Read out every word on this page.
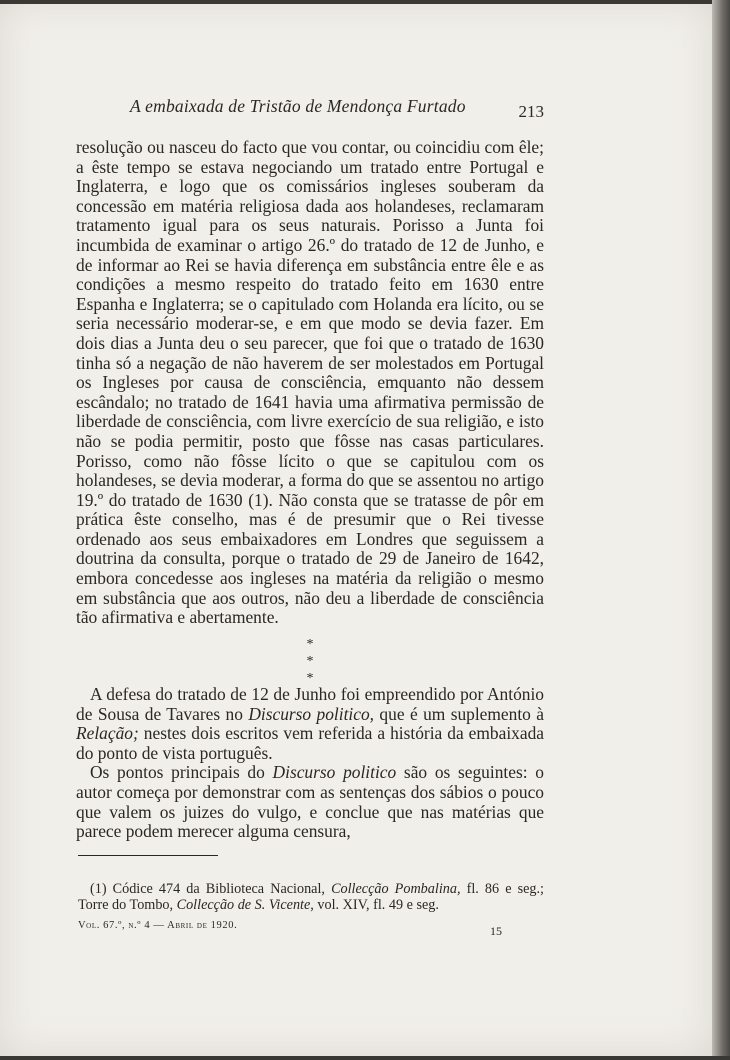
A embaixada de Tristão de Mendonça Furtado	213

resolução ou nasceu do facto que vou contar, ou coincidiu com êle; a êste tempo se estava negociando um tratado entre Portugal e Inglaterra, e logo que os comissários ingleses souberam da concessão em matéria religiosa dada aos holandeses, reclamaram tratamento igual para os seus naturais. Porisso a Junta foi incumbida de examinar o artigo 26.º do tratado de 12 de Junho, e de informar ao Rei se havia diferença em substância entre êle e as condições a mesmo respeito do tratado feito em 1630 entre Espanha e Inglaterra; se o capitulado com Holanda era lícito, ou se seria necessário moderar-se, e em que modo se devia fazer. Em dois dias a Junta deu o seu parecer, que foi que o tratado de 1630 tinha só a negação de não haverem de ser molestados em Portugal os Ingleses por causa de consciência, emquanto não dessem escândalo; no tratado de 1641 havia uma afirmativa permissão de liberdade de consciência, com livre exercício de sua religião, e isto não se podia permitir, posto que fôsse nas casas particulares. Porisso, como não fôsse lícito o que se capitulou com os holandeses, se devia moderar, a forma do que se assentou no artigo 19.º do tratado de 1630 (1). Não consta que se tratasse de pôr em prática êste conselho, mas é de presumir que o Rei tivesse ordenado aos seus embaixadores em Londres que seguissem a doutrina da consulta, porque o tratado de 29 de Janeiro de 1642, embora concedesse aos ingleses na matéria da religião o mesmo em substância que aos outros, não deu a liberdade de consciência tão afirmativa e abertamente.

*
* *

A defesa do tratado de 12 de Junho foi empreendido por António de Sousa de Tavares no Discurso politico, que é um suplemento à Relação; nestes dois escritos vem referida a história da embaixada do ponto de vista português.

Os pontos principais do Discurso politico são os seguintes: o autor começa por demonstrar com as sentenças dos sábios o pouco que valem os juizes do vulgo, e conclue que nas matérias que parece podem merecer alguma censura,

(1) Códice 474 da Biblioteca Nacional, Collecção Pombalina, fl. 86 e seg.; Torre do Tombo, Collecção de S. Vicente, vol. XIV, fl. 49 e seg.
Vol. 67.º, n.º 4 — Abril de 1920.	15
